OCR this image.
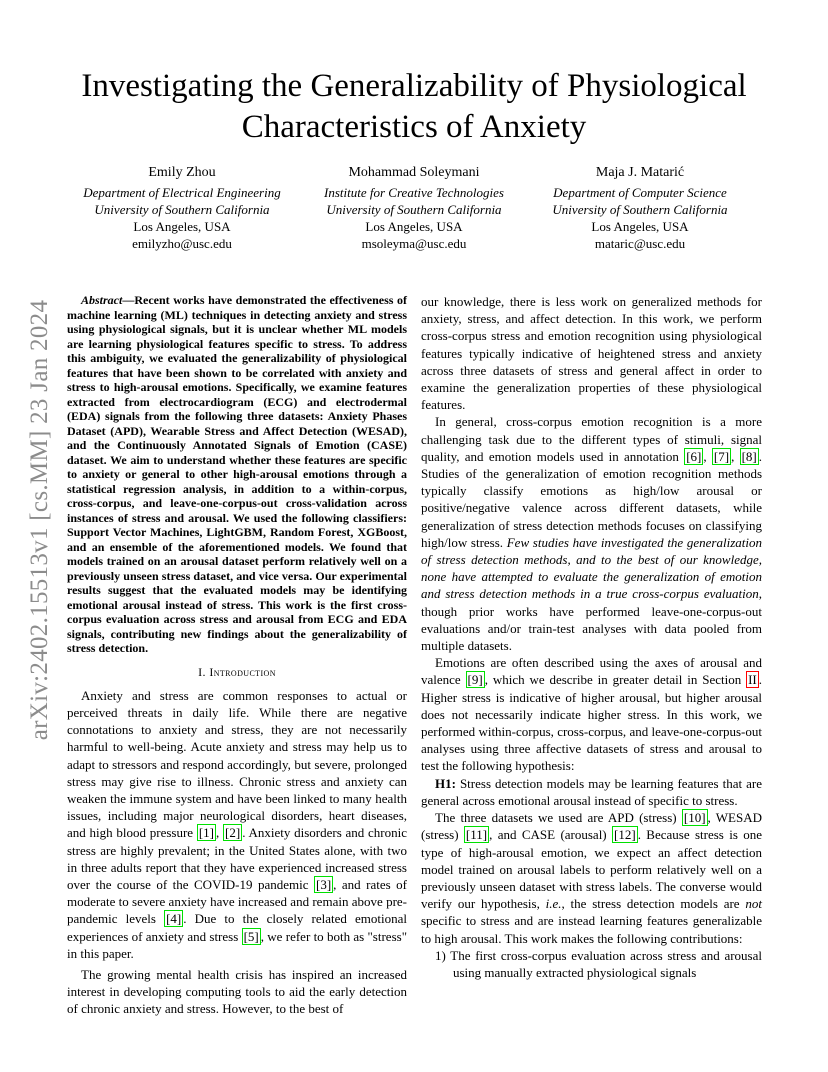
arXiv:2402.15513v1 [cs.MM] 23 Jan 2024
Investigating the Generalizability of Physiological
Characteristics of Anxiety
Emily Zhou
Department of Electrical Engineering
University of Southern California
Los Angeles, USA
emilyzho@usc.edu
Mohammad Soleymani
Institute for Creative Technologies
University of Southern California
Los Angeles, USA
msoleyma@usc.edu
Maja J. Matarić
Department of Computer Science
University of Southern California
Los Angeles, USA
mataric@usc.edu

Abstract—Recent works have demonstrated the effectiveness of machine learning (ML) techniques in detecting anxiety and stress using physiological signals, but it is unclear whether ML models are learning physiological features specific to stress. To address this ambiguity, we evaluated the generalizability of physiological features that have been shown to be correlated with anxiety and stress to high-arousal emotions. Specifically, we examine features extracted from electrocardiogram (ECG) and electrodermal (EDA) signals from the following three datasets: Anxiety Phases Dataset (APD), Wearable Stress and Affect Detection (WESAD), and the Continuously Annotated Signals of Emotion (CASE) dataset. We aim to understand whether these features are specific to anxiety or general to other high-arousal emotions through a statistical regression analysis, in addition to a within-corpus, cross-corpus, and leave-one-corpus-out cross-validation across instances of stress and arousal. We used the following classifiers: Support Vector Machines, LightGBM, Random Forest, XGBoost, and an ensemble of the aforementioned models. We found that models trained on an arousal dataset perform relatively well on a previously unseen stress dataset, and vice versa. Our experimental results suggest that the evaluated models may be identifying emotional arousal instead of stress. This work is the first cross-corpus evaluation across stress and arousal from ECG and EDA signals, contributing new findings about the generalizability of stress detection.

I. Introduction

Anxiety and stress are common responses to actual or perceived threats in daily life. While there are negative connotations to anxiety and stress, they are not necessarily harmful to well-being. Acute anxiety and stress may help us to adapt to stressors and respond accordingly, but severe, prolonged stress may give rise to illness. Chronic stress and anxiety can weaken the immune system and have been linked to many health issues, including major neurological disorders, heart diseases, and high blood pressure [1] , [2] . Anxiety disorders and chronic stress are highly prevalent; in the United States alone, with two in three adults report that they have experienced increased stress over the course of the COVID-19 pandemic [3] , and rates of moderate to severe anxiety have increased and remain above pre-pandemic levels [4] . Due to the closely related emotional experiences of anxiety and stress [5] , we refer to both as "stress" in this paper.

The growing mental health crisis has inspired an increased interest in developing computing tools to aid the early detection of chronic anxiety and stress. However, to the best of

our knowledge, there is less work on generalized methods for anxiety, stress, and affect detection. In this work, we perform cross-corpus stress and emotion recognition using physiological features typically indicative of heightened stress and anxiety across three datasets of stress and general affect in order to examine the generalization properties of these physiological features.

In general, cross-corpus emotion recognition is a more challenging task due to the different types of stimuli, signal quality, and emotion models used in annotation [6] , [7] , [8] . Studies of the generalization of emotion recognition methods typically classify emotions as high/low arousal or positive/negative valence across different datasets, while generalization of stress detection methods focuses on classifying high/low stress. Few studies have investigated the generalization of stress detection methods, and to the best of our knowledge, none have attempted to evaluate the generalization of emotion and stress detection methods in a true cross-corpus evaluation, though prior works have performed leave-one-corpus-out evaluations and/or train-test analyses with data pooled from multiple datasets.

Emotions are often described using the axes of arousal and valence [9] , which we describe in greater detail in Section II . Higher stress is indicative of higher arousal, but higher arousal does not necessarily indicate higher stress. In this work, we performed within-corpus, cross-corpus, and leave-one-corpus-out analyses using three affective datasets of stress and arousal to test the following hypothesis:

H1: Stress detection models may be learning features that are general across emotional arousal instead of specific to stress.

The three datasets we used are APD (stress) [10] , WESAD (stress) [11] , and CASE (arousal) [12] . Because stress is one type of high-arousal emotion, we expect an affect detection model trained on arousal labels to perform relatively well on a previously unseen dataset with stress labels. The converse would verify our hypothesis, i.e., the stress detection models are not specific to stress and are instead learning features generalizable to high arousal. This work makes the following contributions:

1) The first cross-corpus evaluation across stress and arousal using manually extracted physiological signals
